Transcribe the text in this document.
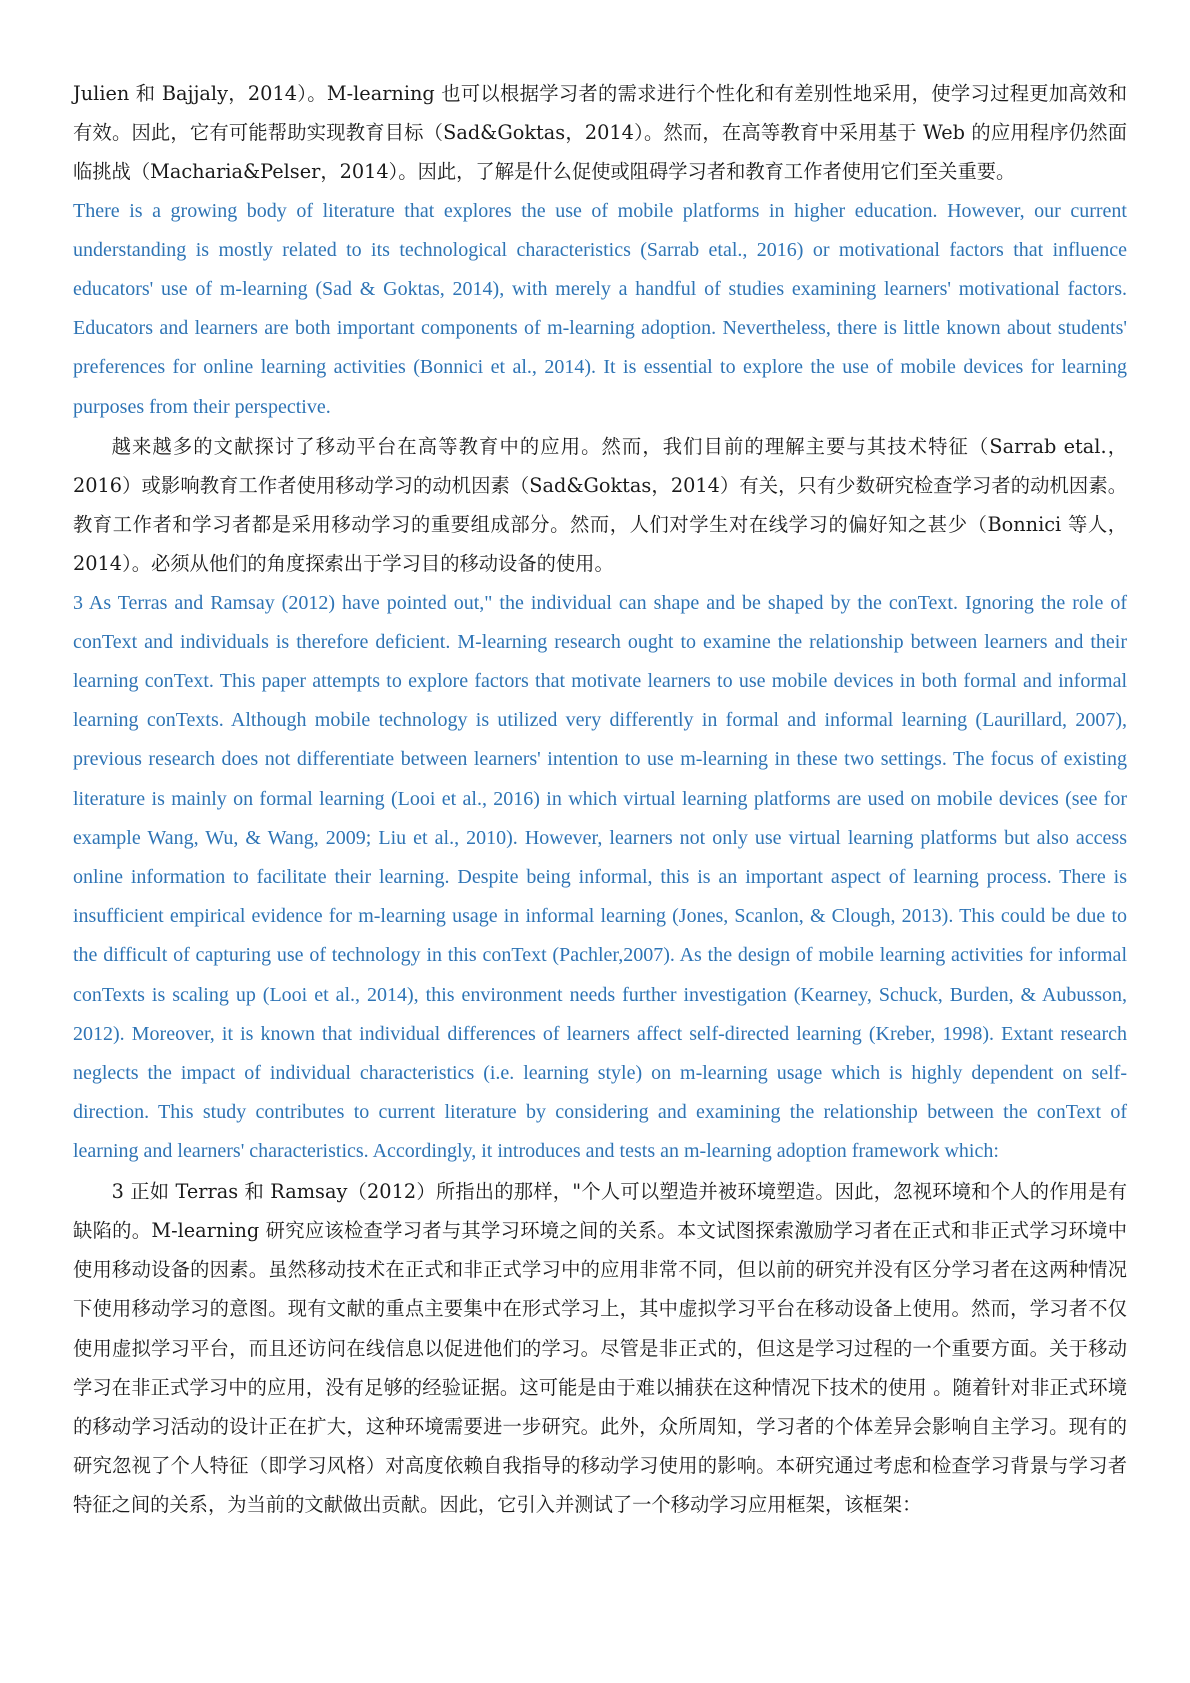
Julien 和 Bajjaly，2014）。M-learning 也可以根据学习者的需求进行个性化和有差别性地采用，使学习过程更加高效和有效。因此，它有可能帮助实现教育目标（Sad&Goktas，2014）。然而，在高等教育中采用基于 Web 的应用程序仍然面临挑战（Macharia&Pelser，2014）。因此，了解是什么促使或阻碍学习者和教育工作者使用它们至关重要。

There is a growing body of literature that explores the use of mobile platforms in higher education. However, our current understanding is mostly related to its technological characteristics (Sarrab etal., 2016) or motivational factors that influence educators' use of m-learning (Sad & Goktas, 2014), with merely a handful of studies examining learners' motivational factors. Educators and learners are both important components of m-learning adoption. Nevertheless, there is little known about students' preferences for online learning activities (Bonnici et al., 2014). It is essential to explore the use of mobile devices for learning purposes from their perspective.

越来越多的文献探讨了移动平台在高等教育中的应用。然而，我们目前的理解主要与其技术特征（Sarrab etal.，2016）或影响教育工作者使用移动学习的动机因素（Sad&Goktas，2014）有关，只有少数研究检查学习者的动机因素。教育工作者和学习者都是采用移动学习的重要组成部分。然而，人们对学生对在线学习的偏好知之甚少（Bonnici 等人，2014）。必须从他们的角度探索出于学习目的移动设备的使用。

3 As Terras and Ramsay (2012) have pointed out," the individual can shape and be shaped by the conText. Ignoring the role of conText and individuals is therefore deficient. M-learning research ought to examine the relationship between learners and their learning conText. This paper attempts to explore factors that motivate learners to use mobile devices in both formal and informal learning conTexts. Although mobile technology is utilized very differently in formal and informal learning (Laurillard, 2007), previous research does not differentiate between learners' intention to use m-learning in these two settings. The focus of existing literature is mainly on formal learning (Looi et al., 2016) in which virtual learning platforms are used on mobile devices (see for example Wang, Wu, & Wang, 2009; Liu et al., 2010). However, learners not only use virtual learning platforms but also access online information to facilitate their learning. Despite being informal, this is an important aspect of learning process. There is insufficient empirical evidence for m-learning usage in informal learning (Jones, Scanlon, & Clough, 2013). This could be due to the difficult of capturing use of technology in this conText (Pachler,2007). As the design of mobile learning activities for informal conTexts is scaling up (Looi et al., 2014), this environment needs further investigation (Kearney, Schuck, Burden, & Aubusson, 2012). Moreover, it is known that individual differences of learners affect self-directed learning (Kreber, 1998). Extant research neglects the impact of individual characteristics (i.e. learning style) on m-learning usage which is highly dependent on self-direction. This study contributes to current literature by considering and examining the relationship between the conText of learning and learners' characteristics. Accordingly, it introduces and tests an m-learning adoption framework which:

3 正如 Terras 和 Ramsay（2012）所指出的那样，"个人可以塑造并被环境塑造。因此，忽视环境和个人的作用是有缺陷的。M-learning 研究应该检查学习者与其学习环境之间的关系。本文试图探索激励学习者在正式和非正式学习环境中使用移动设备的因素。虽然移动技术在正式和非正式学习中的应用非常不同，但以前的研究并没有区分学习者在这两种情况下使用移动学习的意图。现有文献的重点主要集中在形式学习上，其中虚拟学习平台在移动设备上使用。然而，学习者不仅使用虚拟学习平台，而且还访问在线信息以促进他们的学习。尽管是非正式的，但这是学习过程的一个重要方面。关于移动学习在非正式学习中的应用，没有足够的经验证据。这可能是由于难以捕获在这种情况下技术的使用 。随着针对非正式环境的移动学习活动的设计正在扩大，这种环境需要进一步研究。此外，众所周知，学习者的个体差异会影响自主学习。现有的研究忽视了个人特征（即学习风格）对高度依赖自我指导的移动学习使用的影响。本研究通过考虑和检查学习背景与学习者特征之间的关系，为当前的文献做出贡献。因此，它引入并测试了一个移动学习应用框架，该框架：
